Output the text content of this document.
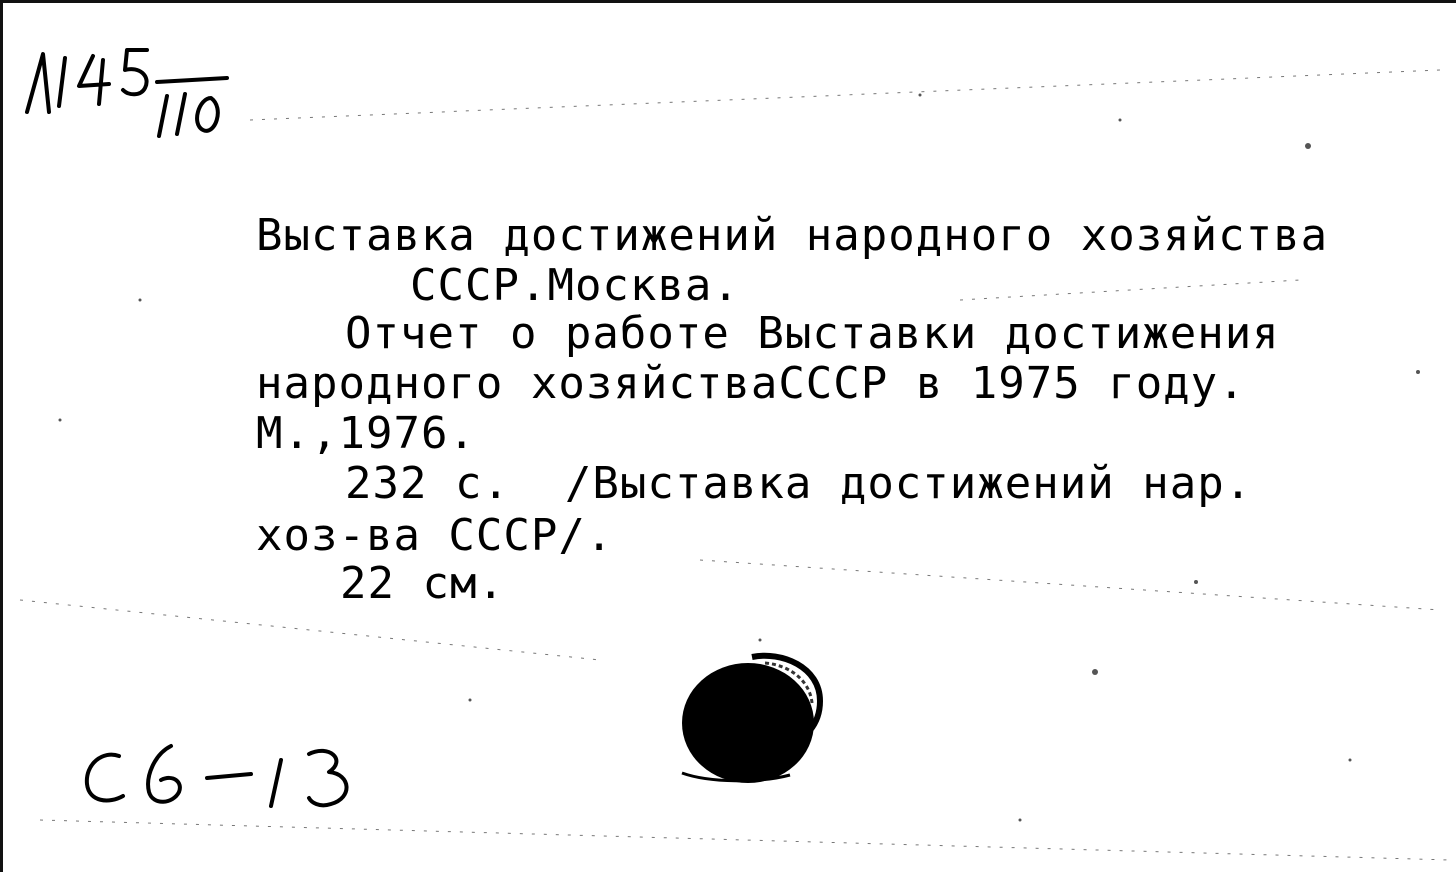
Выставка достижений народного хозяйства
СССР.Москва.
Отчет о работе Выставки достижения
народного хозяйстваСССР в 1975 году.
М.,1976.
232 с.  /Выставка достижений нар.
хоз-ва СССР/.
22 см.
